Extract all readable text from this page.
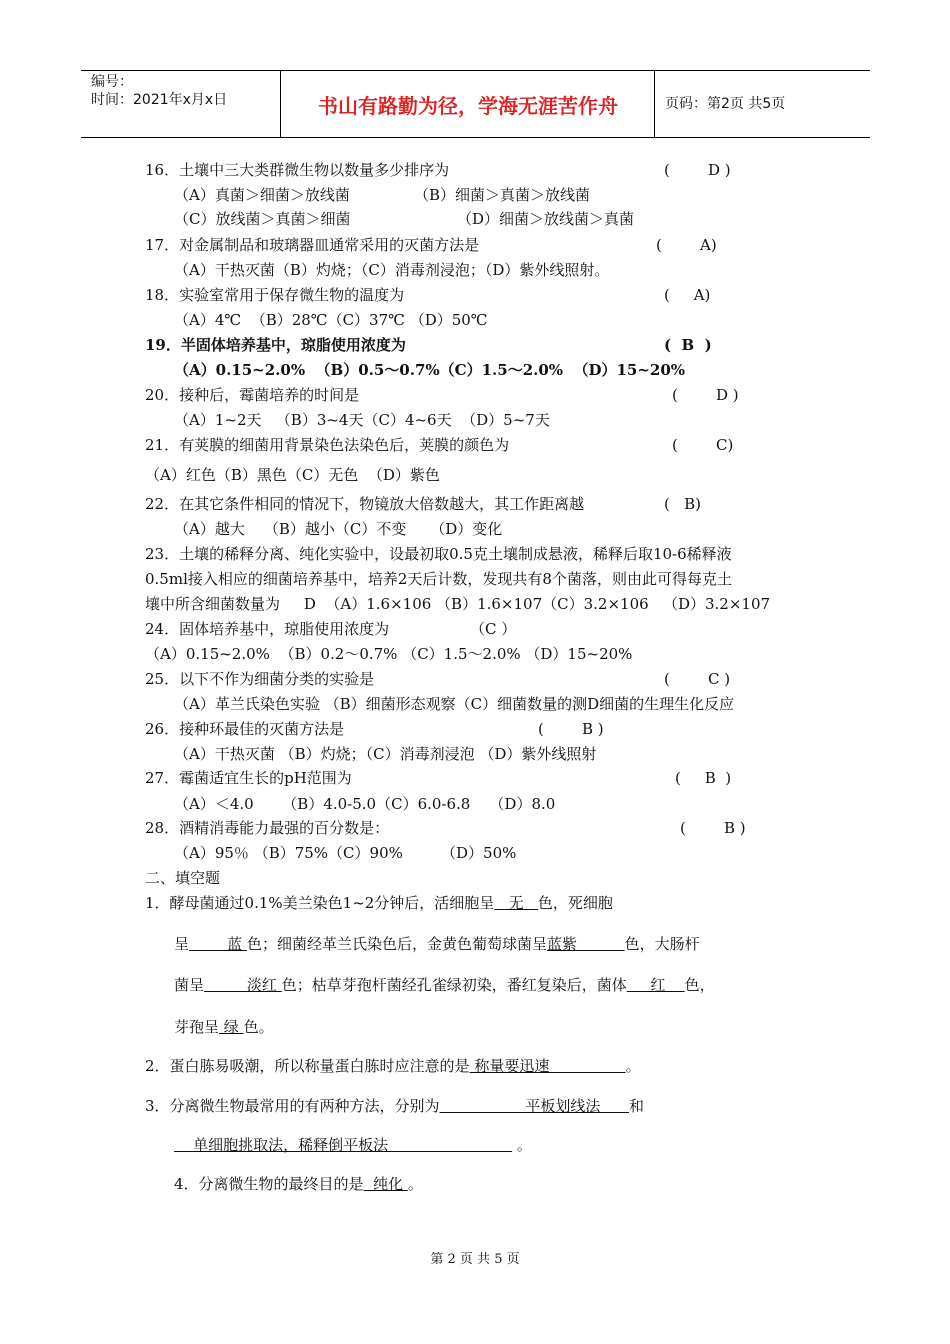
编号：
时间：2021年x月x日	书山有路勤为径，学海无涯苦作舟	页码：第2页 共5页
16．土壤中三大类群微生物以数量多少排序为	(        D )
（A）真菌＞细菌＞放线菌	（B）细菌＞真菌＞放线菌
（C）放线菌＞真菌＞细菌	（D）细菌＞放线菌＞真菌
17．对金属制品和玻璃器皿通常采用的灭菌方法是	(        A)
（A）干热灭菌（B）灼烧；（C）消毒剂浸泡；（D）紫外线照射。
18．实验室常用于保存微生物的温度为	(     A)
（A）4℃  （B）28℃（C）37℃ （D）50℃
19．半固体培养基中，琼脂使用浓度为	(  B  )
（A）0.15~2.0%  （B）0.5～0.7%（C）1.5～2.0%  （D）15~20%
20．接种后，霉菌培养的时间是	(        D )
（A）1~2天   （B）3~4天（C）4~6天  （D）5~7天
21．有荚膜的细菌用背景染色法染色后，荚膜的颜色为	(        C)
（A）红色（B）黑色（C）无色  （D）紫色
22．在其它条件相同的情况下，物镜放大倍数越大，其工作距离越	(   B)
（A）越大    （B）越小（C）不变     （D）变化
23．土壤的稀释分离、纯化实验中，设最初取0.5克土壤制成悬液，稀释后取10-6稀释液
0.5ml接入相应的细菌培养基中，培养2天后计数，发现共有8个菌落，则由此可得每克土
壤中所含细菌数量为     D  （A）1.6×106 （B）1.6×107（C）3.2×106   （D）3.2×107
24．固体培养基中，琼脂使用浓度为	（C ）
（A）0.15~2.0%  （B）0.2～0.7% （C）1.5～2.0% （D）15~20%
25．以下不作为细菌分类的实验是	(        C )
（A）革兰氏染色实验 （B）细菌形态观察（C）细菌数量的测D细菌的生理生化反应
26．接种环最佳的灭菌方法是	(        B )
（A）干热灭菌 （B）灼烧；（C）消毒剂浸泡 （D）紫外线照射
27．霉菌适宜生长的pH范围为	(     B  )
（A）＜4.0      （B）4.0-5.0（C）6.0-6.8    （D）8.0
28．酒精消毒能力最强的百分数是：	(        B )
（A）95％ （B）75%（C）90%        （D）50%
二、填空题
1．酵母菌通过0.1%美兰染色1~2分钟后，活细胞呈   无   色，死细胞
呈        蓝 色；细菌经革兰氏染色后，金黄色葡萄球菌呈蓝紫          色，大肠杆
菌呈         淡红 色；枯草芽孢杆菌经孔雀绿初染，番红复染后，菌体     红    色，
芽孢呈 绿 色。
2．蛋白胨易吸潮，所以称量蛋白胨时应注意的是 称量要迅速                。
3．分离微生物最常用的有两种方法，分别为                  平板划线法      和
单细胞挑取法，稀释倒平板法                           。
4．分离微生物的最终目的是  纯化 。
第 2 页 共 5 页
